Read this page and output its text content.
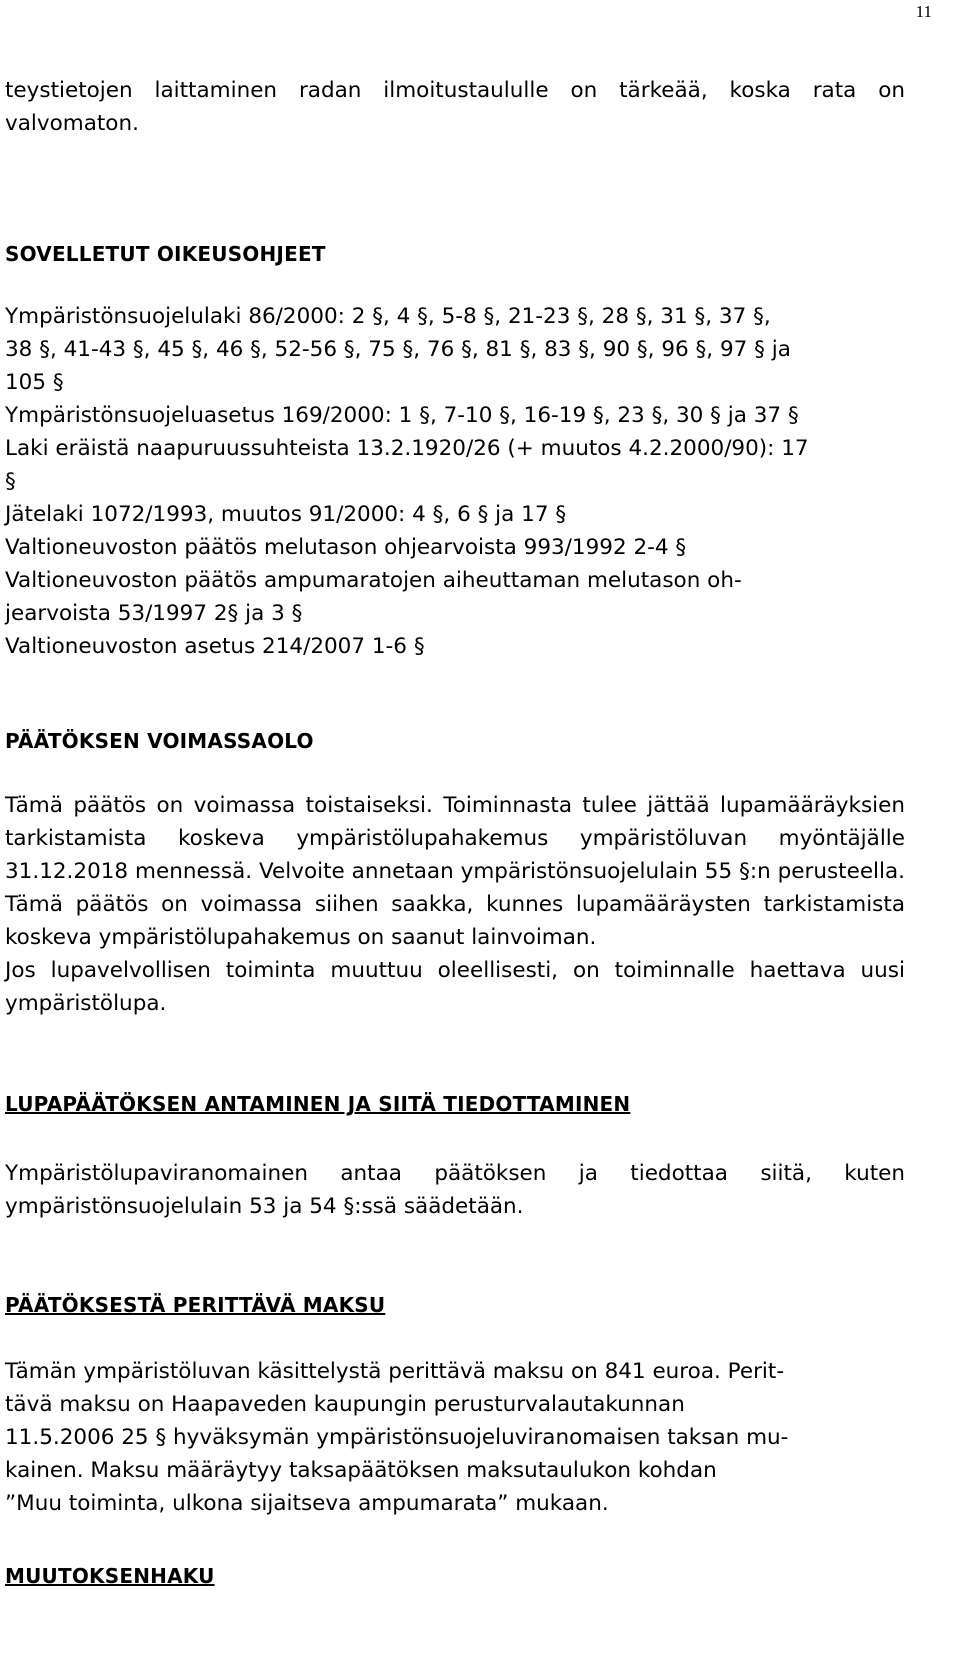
11

teystietojen laittaminen radan ilmoitustaululle on tärkeää, koska rata on valvomaton.

SOVELLETUT OIKEUSOHJEET
Ympäristönsuojelulaki 86/2000: 2 §, 4 §, 5-8 §, 21-23 §, 28 §, 31 §, 37 §,
38 §, 41-43 §, 45 §, 46 §, 52-56 §, 75 §, 76 §, 81 §, 83 §, 90 §, 96 §, 97 § ja
105 §
Ympäristönsuojeluasetus 169/2000: 1 §, 7-10 §, 16-19 §, 23 §, 30 § ja 37 §
Laki eräistä naapuruussuhteista 13.2.1920/26 (+ muutos 4.2.2000/90): 17
§
Jätelaki 1072/1993, muutos 91/2000: 4 §, 6 § ja 17 §
Valtioneuvoston päätös melutason ohjearvoista 993/1992 2-4 §
Valtioneuvoston päätös ampumaratojen aiheuttaman melutason oh-
jearvoista 53/1997 2§ ja 3 §
Valtioneuvoston asetus 214/2007 1-6 §
PÄÄTÖKSEN VOIMASSAOLO

Tämä päätös on voimassa toistaiseksi. Toiminnasta tulee jättää lupamääräyksien tarkistamista koskeva ympäristölupahakemus ympäristöluvan myöntäjälle 31.12.2018 mennessä. Velvoite annetaan ympäristönsuojelulain 55 §:n perusteella. Tämä päätös on voimassa siihen saakka, kunnes lupamääräysten tarkistamista koskeva ympäristölupahakemus on saanut lainvoiman.

Jos lupavelvollisen toiminta muuttuu oleellisesti, on toiminnalle haettava uusi ympäristölupa.

LUPAPÄÄTÖKSEN ANTAMINEN JA SIITÄ TIEDOTTAMINEN

Ympäristölupaviranomainen antaa päätöksen ja tiedottaa siitä, kuten ympäristönsuojelulain 53 ja 54 §:ssä säädetään.

PÄÄTÖKSESTÄ PERITTÄVÄ MAKSU
Tämän ympäristöluvan käsittelystä perittävä maksu on 841 euroa. Perit-
tävä maksu on Haapaveden kaupungin perusturvalautakunnan
11.5.2006 25 § hyväksymän ympäristönsuojeluviranomaisen taksan mu-
kainen. Maksu määräytyy taksapäätöksen maksutaulukon kohdan
”Muu toiminta, ulkona sijaitseva ampumarata” mukaan.
MUUTOKSENHAKU
